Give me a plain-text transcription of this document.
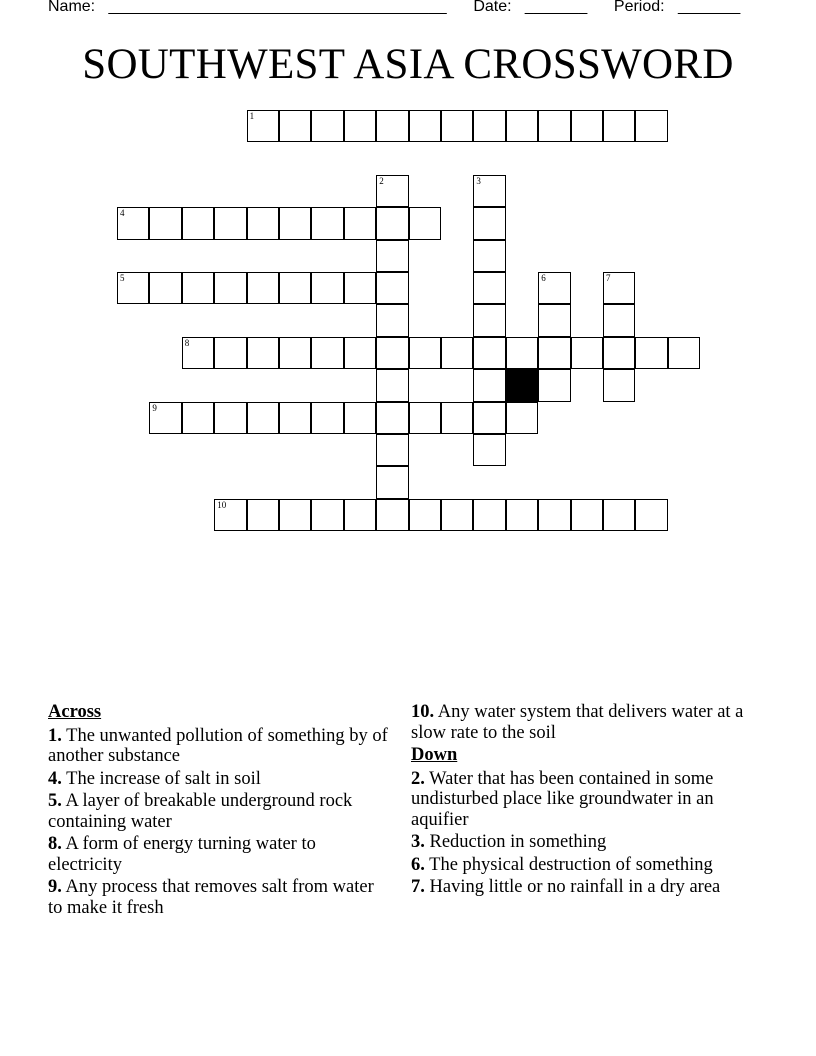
Name: ______________________________________ Date: _______ Period: _______
SOUTHWEST ASIA CROSSWORD
1
2	3
4
5	6	7
8
9
10
Across
1. The unwanted pollution of something by of another substance
4. The increase of salt in soil
5. A layer of breakable underground rock containing water
8. A form of energy turning water to electricity
9. Any process that removes salt from water to make it fresh
10. Any water system that delivers water at a slow rate to the soil
Down
2. Water that has been contained in some undisturbed place like groundwater in an aquifier
3. Reduction in something
6. The physical destruction of something
7. Having little or no rainfall in a dry area
